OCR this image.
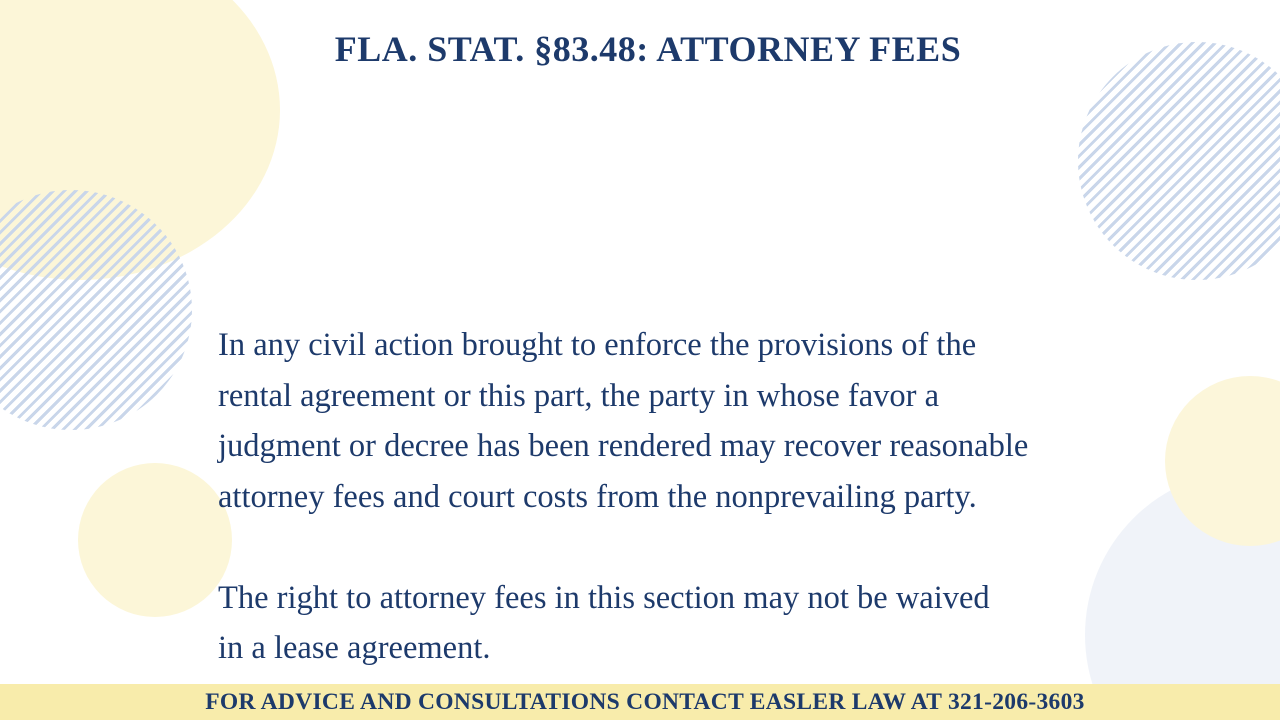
FLA. STAT. §83.48: ATTORNEY FEES

In any civil action brought to enforce the provisions of the
rental agreement or this part, the party in whose favor a
judgment or decree has been rendered may recover reasonable
attorney fees and court costs from the nonprevailing party.

The right to attorney fees in this section may not be waived
in a lease agreement.

FOR ADVICE AND CONSULTATIONS CONTACT EASLER LAW AT 321-206-3603
